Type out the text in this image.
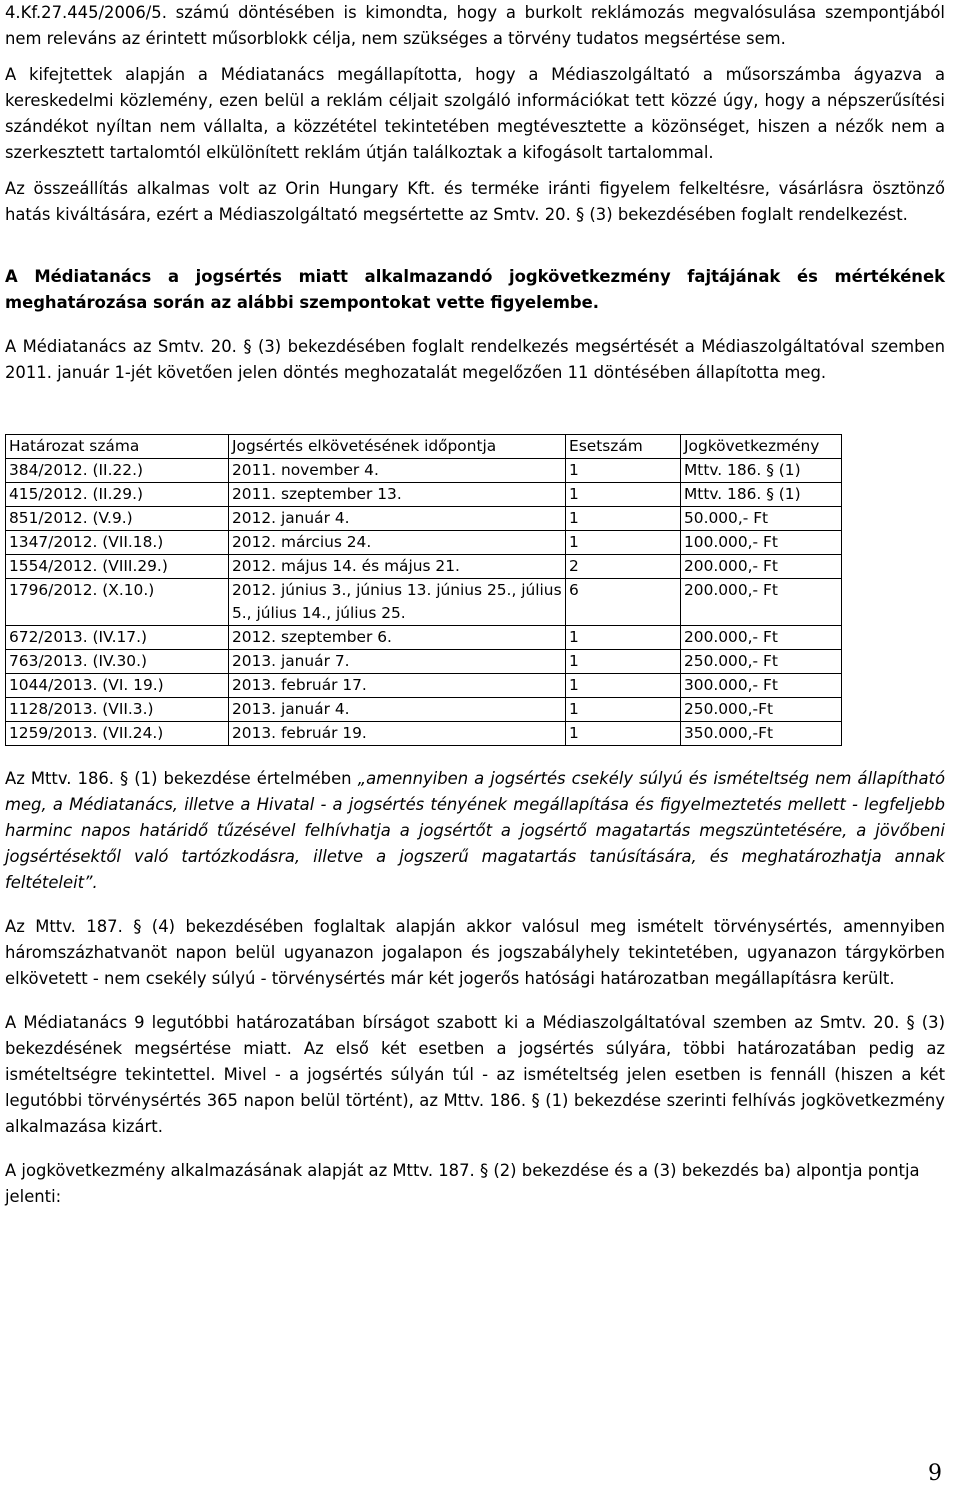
4.Kf.27.445/2006/5. számú döntésében is kimondta, hogy a burkolt reklámozás megvalósulása szempontjából nem releváns az érintett műsorblokk célja, nem szükséges a törvény tudatos megsértése sem.

A kifejtettek alapján a Médiatanács megállapította, hogy a Médiaszolgáltató a műsorszámba ágyazva a kereskedelmi közlemény, ezen belül a reklám céljait szolgáló információkat tett közzé úgy, hogy a népszerűsítési szándékot nyíltan nem vállalta, a közzététel tekintetében megtévesztette a közönséget, hiszen a nézők nem a szerkesztett tartalomtól elkülönített reklám útján találkoztak a kifogásolt tartalommal.

Az összeállítás alkalmas volt az Orin Hungary Kft. és terméke iránti figyelem felkeltésre, vásárlásra ösztönző hatás kiváltására, ezért a Médiaszolgáltató megsértette az Smtv. 20. § (3) bekezdésében foglalt rendelkezést.

A Médiatanács a jogsértés miatt alkalmazandó jogkövetkezmény fajtájának és mértékének meghatározása során az alábbi szempontokat vette figyelembe.

A Médiatanács az Smtv. 20. § (3) bekezdésében foglalt rendelkezés megsértését a Médiaszolgáltatóval szemben 2011. január 1-jét követően jelen döntés meghozatalát megelőzően 11 döntésében állapította meg.

Határozat száma	Jogsértés elkövetésének időpontja	Esetszám	Jogkövetkezmény
384/2012. (II.22.)	2011. november 4.	1	Mttv. 186. § (1)
415/2012. (II.29.)	2011. szeptember 13.	1	Mttv. 186. § (1)
851/2012. (V.9.)	2012. január 4.	1	50.000,- Ft
1347/2012. (VII.18.)	2012. március 24.	1	100.000,- Ft
1554/2012. (VIII.29.)	2012. május 14. és május 21.	2	200.000,- Ft
1796/2012. (X.10.)	2012. június 3., június 13. június 25., július 5., július 14., július 25.	6	200.000,- Ft
672/2013. (IV.17.)	2012. szeptember 6.	1	200.000,- Ft
763/2013. (IV.30.)	2013. január 7.	1	250.000,- Ft
1044/2013. (VI. 19.)	2013. február 17.	1	300.000,- Ft
1128/2013. (VII.3.)	2013. január 4.	1	250.000,-Ft
1259/2013. (VII.24.)	2013. február 19.	1	350.000,-Ft

Az Mttv. 186. § (1) bekezdése értelmében „amennyiben a jogsértés csekély súlyú és ismételtség nem állapítható meg, a Médiatanács, illetve a Hivatal - a jogsértés tényének megállapítása és figyelmeztetés mellett - legfeljebb harminc napos határidő tűzésével felhívhatja a jogsértőt a jogsértő magatartás megszüntetésére, a jövőbeni jogsértésektől való tartózkodásra, illetve a jogszerű magatartás tanúsítására, és meghatározhatja annak feltételeit”.

Az Mttv. 187. § (4) bekezdésében foglaltak alapján akkor valósul meg ismételt törvénysértés, amennyiben háromszázhatvanöt napon belül ugyanazon jogalapon és jogszabályhely tekintetében, ugyanazon tárgykörben elkövetett - nem csekély súlyú - törvénysértés már két jogerős hatósági határozatban megállapításra került.

A Médiatanács 9 legutóbbi határozatában bírságot szabott ki a Médiaszolgáltatóval szemben az Smtv. 20. § (3) bekezdésének megsértése miatt. Az első két esetben a jogsértés súlyára, többi határozatában pedig az ismételtségre tekintettel. Mivel - a jogsértés súlyán túl - az ismételtség jelen esetben is fennáll (hiszen a két legutóbbi törvénysértés 365 napon belül történt), az Mttv. 186. § (1) bekezdése szerinti felhívás jogkövetkezmény alkalmazása kizárt.

A jogkövetkezmény alkalmazásának alapját az Mttv. 187. § (2) bekezdése és a (3) bekezdés ba) alpontja pontja jelenti:

9
